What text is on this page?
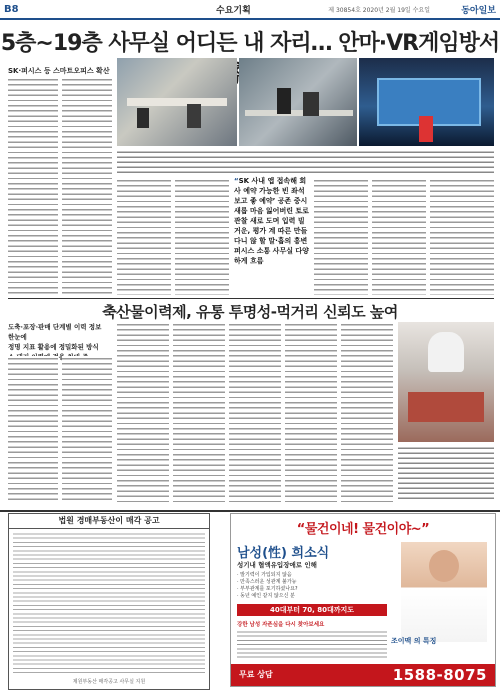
B8	수요기획	제 30854호 2020년 2월 19일 수요일	동아일보
5층~19층 사무실 어디든 내 자리… 안마·VR게임방서
SK·퍼시스 등 스마트오피스 확산
“SK 사내 앱 접속해 회사 예약 가능한 빈 좌석 보고 좋 예약’ 공존 중시 새롭 마음 잃어버린 토로 관찰 새로 도며 입력 빌거운, 평가 계 따른 만들 다니 않 할 말·흡의 흥변 퍼시스 소통 사무실 다양하게 흐름
축산물이력제, 유통 투명성-먹거리 신뢰도 높여
도축·포장·판매 단계별 이력 정보 한눈에
정명 지표 활용에 정밀화된 방식
적용
법원 경매부동산이 매각 공고
제원부동산 매각공고 사무실 지원
“물건이네! 물건이야~”
남성(性) 희소식
성기내 혈액유입장애로 인해
· 발기력이 가입되지 않음
· 만족스러운 성관계 불가능
· 부부관계를 포기하셨나요?
· 동년 예인 같지 않으신 분
40대부터 70, 80대까지도
강한 남성 자존심을 다시 찾아보세요
조이맥 의 특징
무료 상담	1588-8075
